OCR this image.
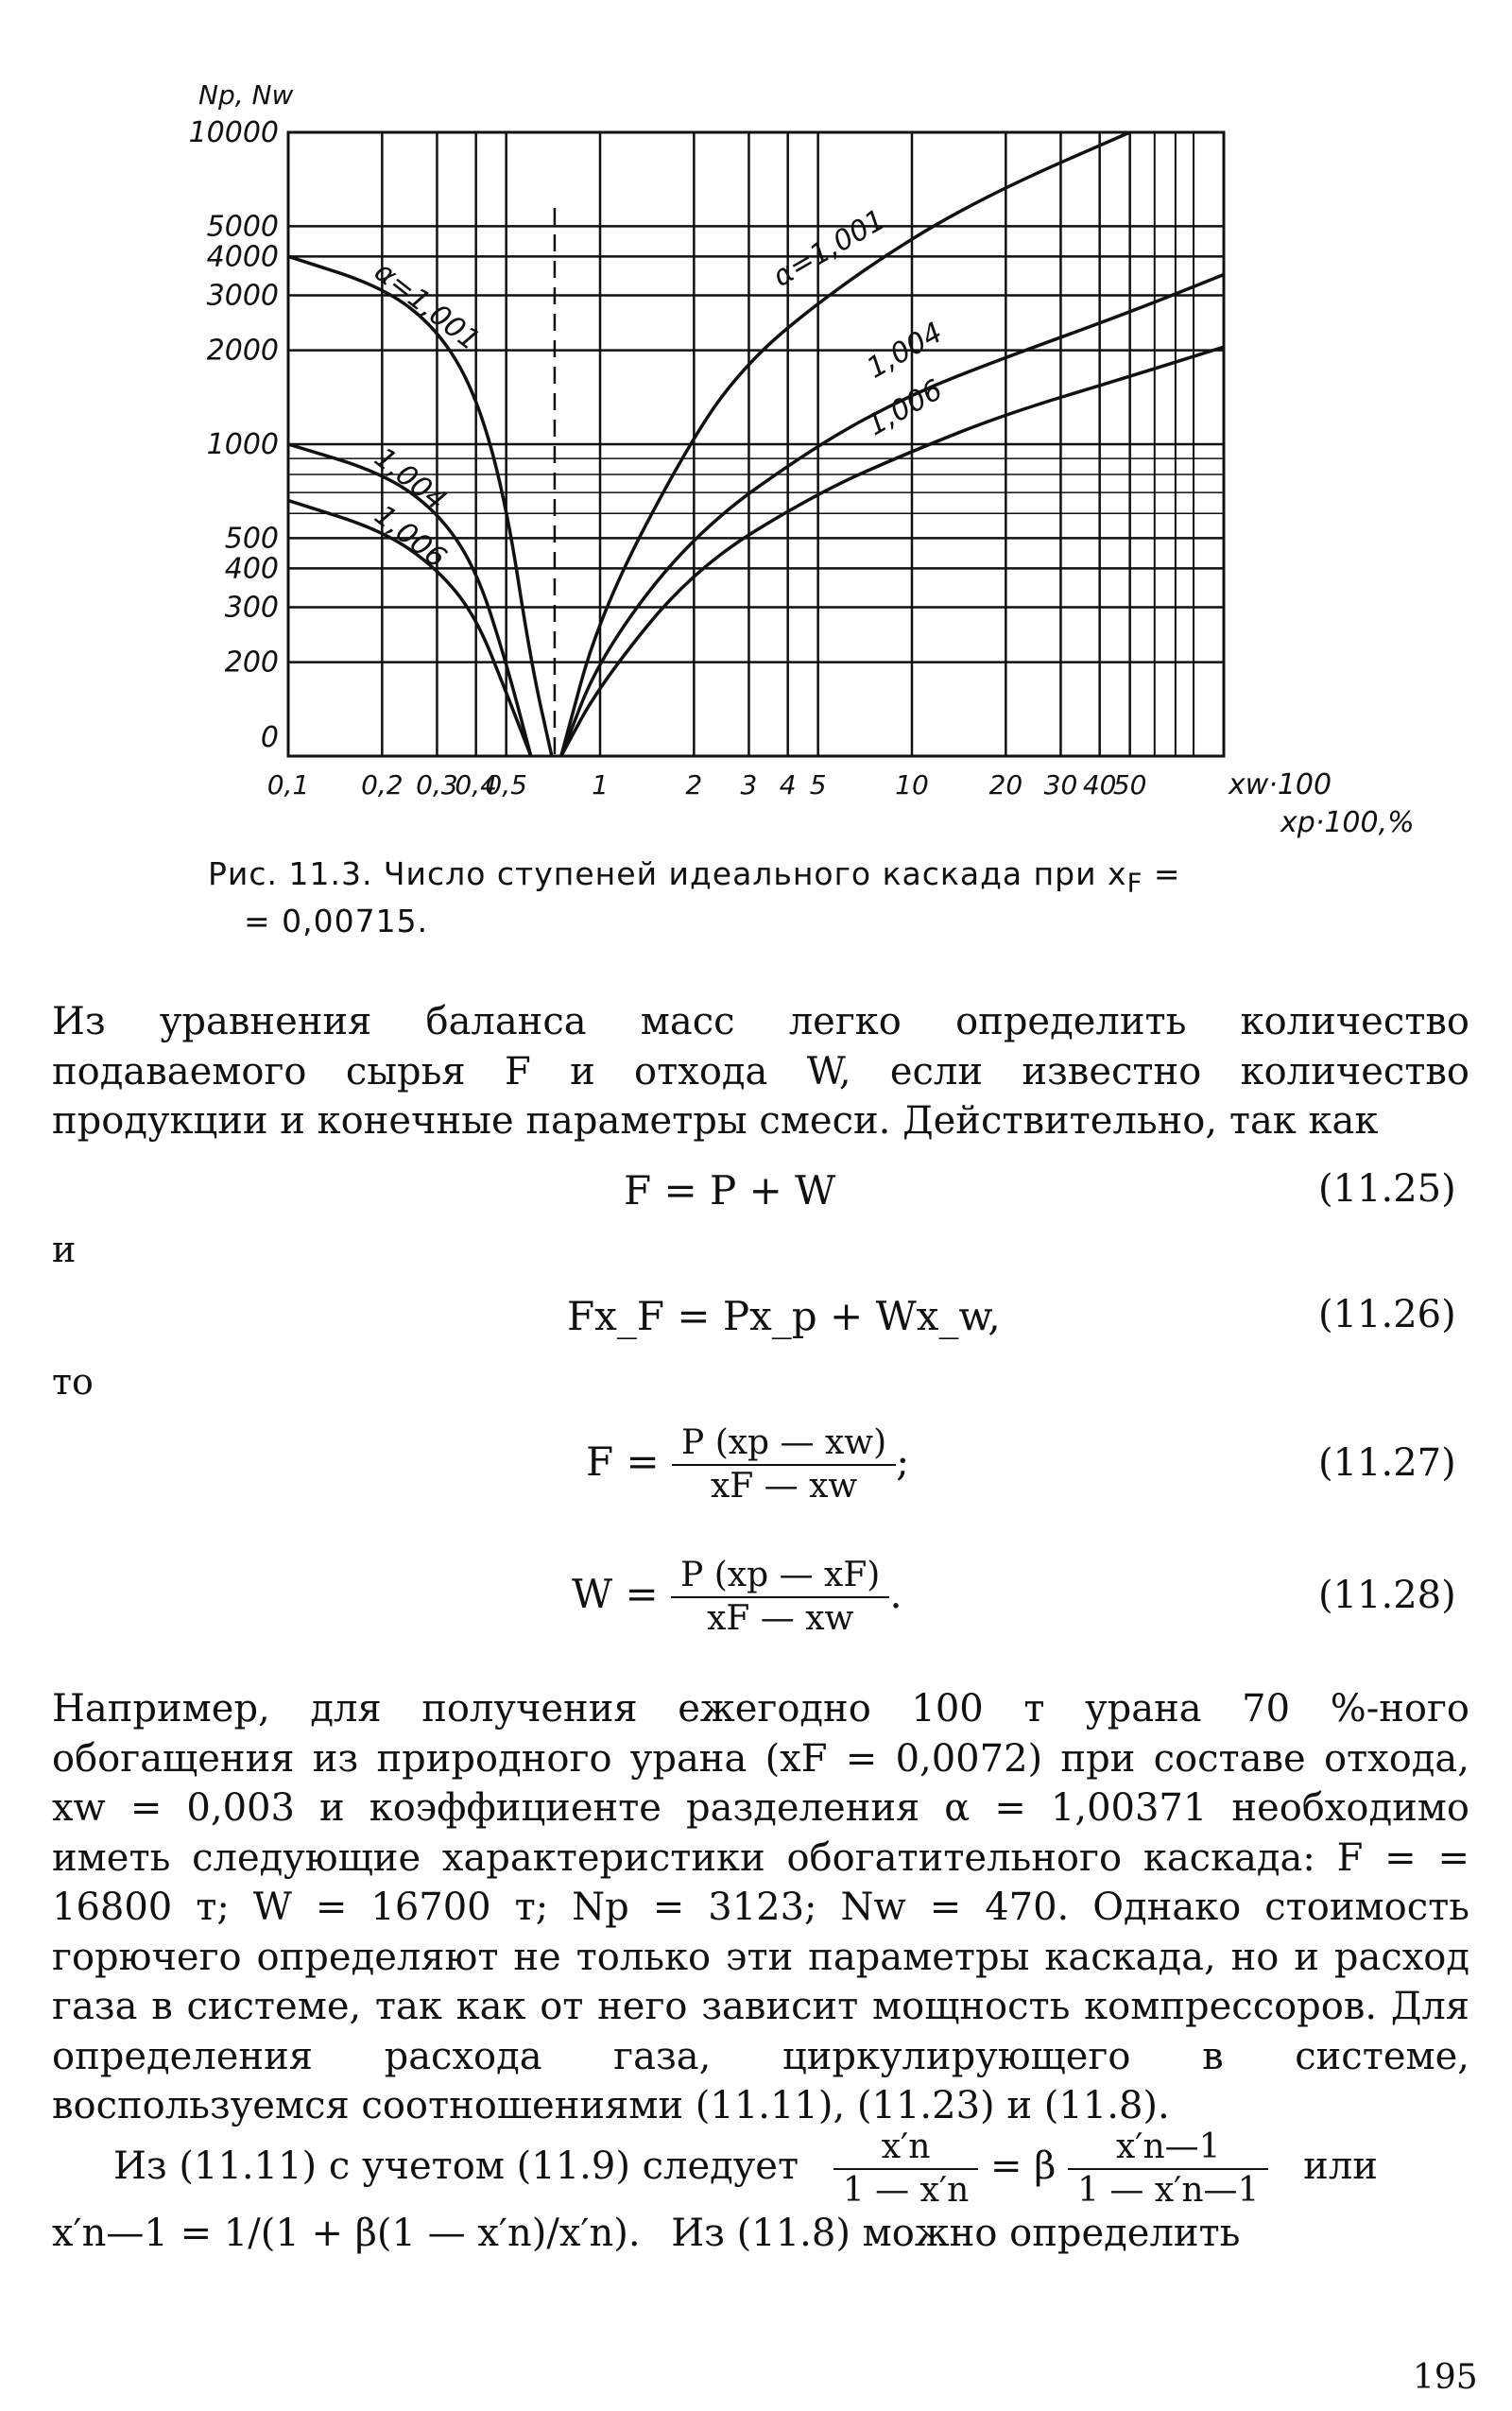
0,1 0,2 0,3
0,4
0,5 1	2 3 4 5	10 20 30 40
50
0
200
300
400
500
1000
2000
3000
4000
5000
10000
Nр, Nw
xw·100
xр·100,%
α=1,001
1,004
1,006
α=1,001
1,004
1,006
Рис. 11.3. Число ступеней идеального каскада при $x_F$ =
= 0,00715.
Из уравнения баланса масс легко определить количество подаваемого сырья F и отхода W, если известно количество продукции и конечные параметры смеси. Действительно, так как
F = P + W	(11.25)
и
Fx_F = Px_р + Wx_w,	(11.26)
то
$F = \frac{P (xр — xw)}{xF — xw}$ ;	(11.27)
$W = \frac{P (xр — xF)}{xF — xw}$ .	(11.28)
Например, для получения ежегодно 100 т урана 70 %-ного обогащения из природного урана (xF = 0,0072) при составе отхода, xw = 0,003 и коэффициенте разделения α = 1,00371 необходимо иметь следующие характеристики обогатительного каскада: F = = 16800 т; W = 16700 т; Nр = 3123; Nw = 470. Однако стоимость горючего определяют не только эти параметры каскада, но и расход газа в системе, так как от него зависит мощность компрессоров. Для определения расхода газа, циркулирующего в системе, воспользуемся соотношениями (11.11), (11.23) и (11.8).
Из (11.11) с учетом (11.9) следует $\frac{x'n}{1 — x'n} = \beta \frac{x'n—1}{1 — x'n—1}$ или
x′n—1 = 1/(1 + β(1 — x′n)/x′n). Из (11.8) можно определить
195
